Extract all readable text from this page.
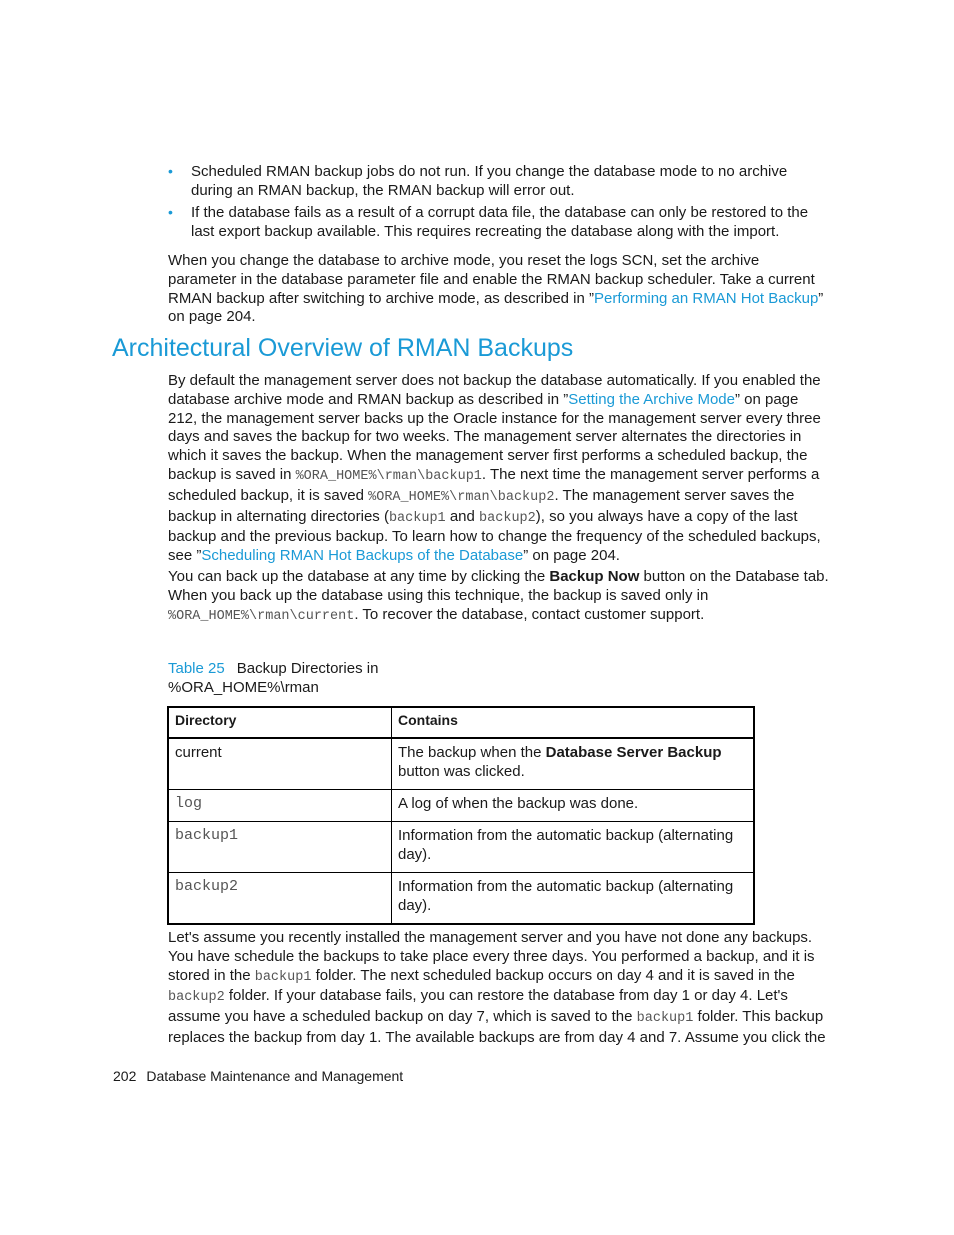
• Scheduled RMAN backup jobs do not run. If you change the database mode to no archive during an RMAN backup, the RMAN backup will error out.
• If the database fails as a result of a corrupt data file, the database can only be restored to the last export backup available. This requires recreating the database along with the import.

When you change the database to archive mode, you reset the logs SCN, set the archive parameter in the database parameter file and enable the RMAN backup scheduler. Take a current RMAN backup after switching to archive mode, as described in ”Performing an RMAN Hot Backup” on page 204.

Architectural Overview of RMAN Backups

By default the management server does not backup the database automatically. If you enabled the database archive mode and RMAN backup as described in ”Setting the Archive Mode” on page 212, the management server backs up the Oracle instance for the management server every three days and saves the backup for two weeks. The management server alternates the directories in which it saves the backup. When the management server first performs a scheduled backup, the backup is saved in %ORA_HOME%\rman\backup1. The next time the management server performs a scheduled backup, it is saved %ORA_HOME%\rman\backup2. The management server saves the backup in alternating directories (backup1 and backup2), so you always have a copy of the last backup and the previous backup. To learn how to change the frequency of the scheduled backups, see ”Scheduling RMAN Hot Backups of the Database” on page 204.

You can back up the database at any time by clicking the Backup Now button on the Database tab. When you back up the database using this technique, the backup is saved only in %ORA_HOME%\rman\current. To recover the database, contact customer support.

Table 25 Backup Directories in %ORA_HOME%\rman
Directory	Contains
current	The backup when the Database Server Backup button was clicked.
log	A log of when the backup was done.
backup1	Information from the automatic backup (alternating day).
backup2	Information from the automatic backup (alternating day).

Let's assume you recently installed the management server and you have not done any backups. You have schedule the backups to take place every three days. You performed a backup, and it is stored in the backup1 folder. The next scheduled backup occurs on day 4 and it is saved in the backup2 folder. If your database fails, you can restore the database from day 1 or day 4. Let's assume you have a scheduled backup on day 7, which is saved to the backup1 folder. This backup replaces the backup from day 1. The available backups are from day 4 and 7. Assume you click the

202 Database Maintenance and Management
